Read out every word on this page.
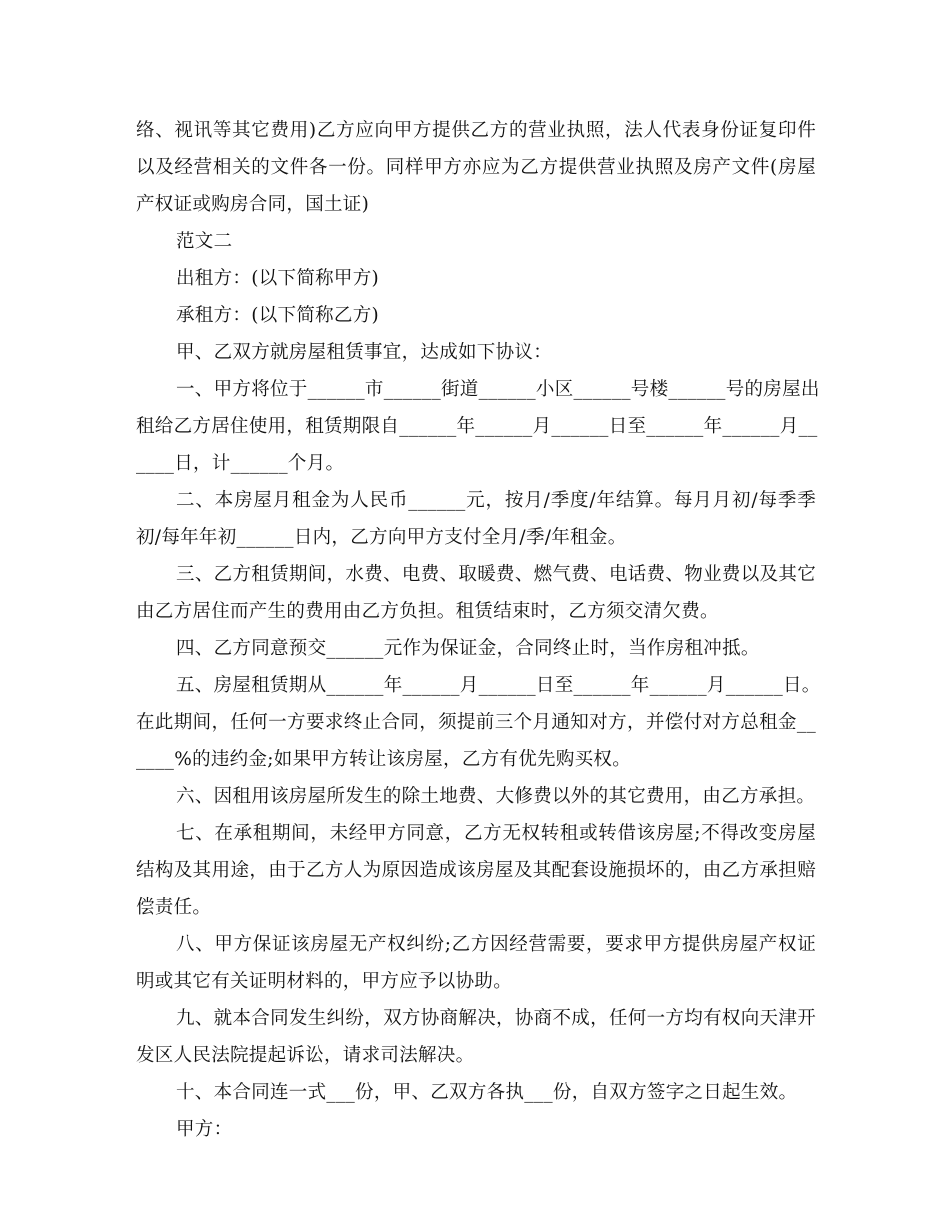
络、视讯等其它费用)乙方应向甲方提供乙方的营业执照，法人代表身份证复印件
以及经营相关的文件各一份。同样甲方亦应为乙方提供营业执照及房产文件(房屋
产权证或购房合同，国土证)
范文二
出租方：(以下简称甲方)
承租方：(以下简称乙方)
甲、乙双方就房屋租赁事宜，达成如下协议：
一、甲方将位于______市______街道______小区______号楼______号的房屋出
租给乙方居住使用，租赁期限自______年______月______日至______年______月__
____日，计______个月。
二、本房屋月租金为人民币______元，按月/季度/年结算。每月月初/每季季
初/每年年初______日内，乙方向甲方支付全月/季/年租金。
三、乙方租赁期间，水费、电费、取暖费、燃气费、电话费、物业费以及其它
由乙方居住而产生的费用由乙方负担。租赁结束时，乙方须交清欠费。
四、乙方同意预交______元作为保证金，合同终止时，当作房租冲抵。
五、房屋租赁期从______年______月______日至______年______月______日。
在此期间，任何一方要求终止合同，须提前三个月通知对方，并偿付对方总租金__
____%的违约金;如果甲方转让该房屋，乙方有优先购买权。
六、因租用该房屋所发生的除土地费、大修费以外的其它费用，由乙方承担。
七、在承租期间，未经甲方同意，乙方无权转租或转借该房屋;不得改变房屋
结构及其用途，由于乙方人为原因造成该房屋及其配套设施损坏的，由乙方承担赔
偿责任。
八、甲方保证该房屋无产权纠纷;乙方因经营需要，要求甲方提供房屋产权证
明或其它有关证明材料的，甲方应予以协助。
九、就本合同发生纠纷，双方协商解决，协商不成，任何一方均有权向天津开
发区人民法院提起诉讼，请求司法解决。
十、本合同连一式___份，甲、乙双方各执___份，自双方签字之日起生效。
甲方：
